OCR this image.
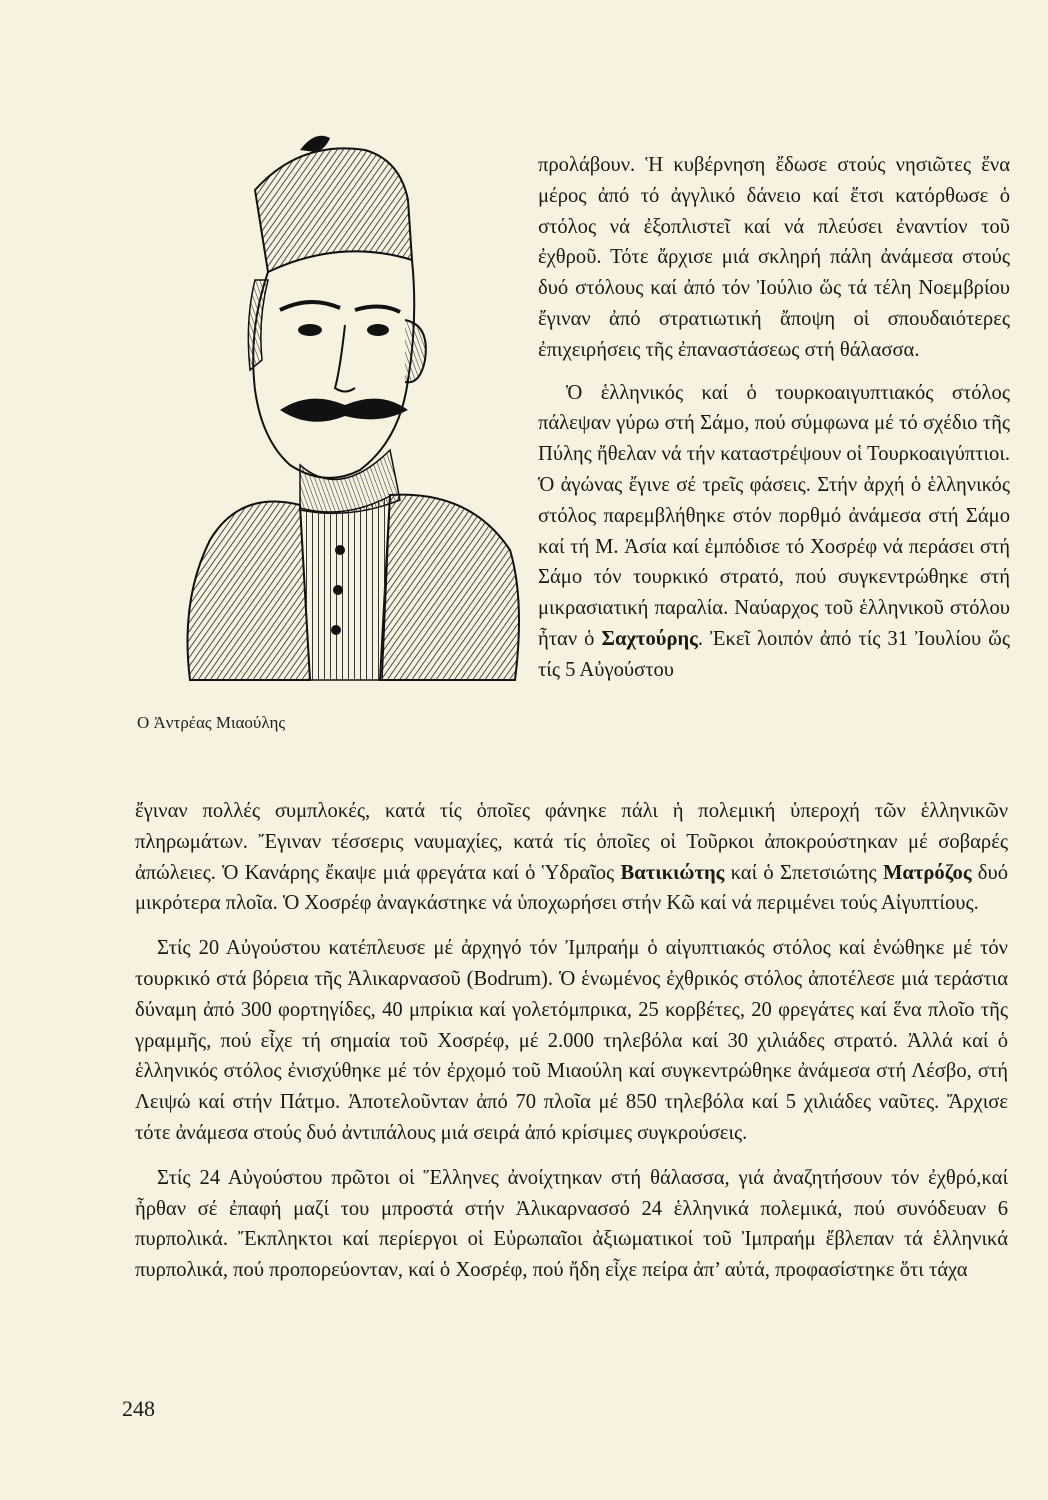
Ο Ἀντρέας Μιαούλης

προλάβουν. Ἡ κυβέρνηση ἔδωσε στούς νησιῶτες ἕνα μέρος ἀπό τό ἀγγλικό δάνειο καί ἔτσι κατόρθωσε ὁ στόλος νά ἐξοπλιστεῖ καί νά πλεύσει ἐναντίον τοῦ ἐχθροῦ. Τότε ἄρχισε μιά σκληρή πάλη ἀνάμεσα στούς δυό στόλους καί ἀπό τόν Ἰούλιο ὥς τά τέλη Νοεμβρίου ἔγιναν ἀπό στρατιωτική ἄποψη οἱ σπουδαιότερες ἐπιχειρήσεις τῆς ἐπαναστάσεως στή θάλασσα.

Ὁ ἑλληνικός καί ὁ τουρκοαιγυπτιακός στόλος πάλεψαν γύρω στή Σάμο, πού σύμφωνα μέ τό σχέδιο τῆς Πύλης ἤθελαν νά τήν καταστρέψουν οἱ Τουρκοαιγύπτιοι. Ὁ ἀγώνας ἔγινε σέ τρεῖς φάσεις. Στήν ἀρχή ὁ ἑλληνικός στόλος παρεμβλήθηκε στόν πορθμό ἀνάμεσα στή Σάμο καί τή Μ. Ἀσία καί ἐμπόδισε τό Χοσρέφ νά περάσει στή Σάμο τόν τουρκικό στρατό, πού συγκεντρώθηκε στή μικρασιατική παραλία. Ναύαρχος τοῦ ἑλληνικοῦ στόλου ἦταν ὁ Σαχτούρης. Ἐκεῖ λοιπόν ἀπό τίς 31 Ἰουλίου ὥς τίς 5 Αὐγούστου

ἔγιναν πολλές συμπλοκές, κατά τίς ὁποῖες φάνηκε πάλι ἡ πολεμική ὑπεροχή τῶν ἑλληνικῶν πληρωμάτων. Ἔγιναν τέσσερις ναυμαχίες, κατά τίς ὁποῖες οἱ Τοῦρκοι ἀποκρούστηκαν μέ σοβαρές ἀπώλειες. Ὁ Κανάρης ἔκαψε μιά φρεγάτα καί ὁ Ὑδραῖος Βατικιώτης καί ὁ Σπετσιώτης Ματρόζος δυό μικρότερα πλοῖα. Ὁ Χοσρέφ ἀναγκάστηκε νά ὑποχωρήσει στήν Κῶ καί νά περιμένει τούς Αἰγυπτίους.

Στίς 20 Αὐγούστου κατέπλευσε μέ ἀρχηγό τόν Ἰμπραήμ ὁ αἰγυπτιακός στόλος καί ἑνώθηκε μέ τόν τουρκικό στά βόρεια τῆς Ἁλικαρνασοῦ (Bodrum). Ὁ ἑνωμένος ἐχθρικός στόλος ἀποτέλεσε μιά τεράστια δύναμη ἀπό 300 φορτηγίδες, 40 μπρίκια καί γολετόμπρικα, 25 κορβέτες, 20 φρεγάτες καί ἕνα πλοῖο τῆς γραμμῆς, πού εἶχε τή σημαία τοῦ Χοσρέφ, μέ 2.000 τηλεβόλα καί 30 χιλιάδες στρατό. Ἀλλά καί ὁ ἑλληνικός στόλος ἐνισχύθηκε μέ τόν ἐρχομό τοῦ Μιαούλη καί συγκεντρώθηκε ἀνάμεσα στή Λέσβο, στή Λειψώ καί στήν Πάτμο. Ἀποτελοῦνταν ἀπό 70 πλοῖα μέ 850 τηλεβόλα καί 5 χιλιάδες ναῦτες. Ἄρχισε τότε ἀνάμεσα στούς δυό ἀντιπάλους μιά σειρά ἀπό κρίσιμες συγκρούσεις.

Στίς 24 Αὐγούστου πρῶτοι οἱ Ἕλληνες ἀνοίχτηκαν στή θάλασσα, γιά ἀναζητήσουν τόν ἐχθρό,καί ἦρθαν σέ ἐπαφή μαζί του μπροστά στήν Ἀλικαρνασσό 24 ἑλληνικά πολεμικά, πού συνόδευαν 6 πυρπολικά. Ἔκπληκτοι καί περίεργοι οἱ Εὐρωπαῖοι ἀξιωματικοί τοῦ Ἰμπραήμ ἔβλεπαν τά ἑλληνικά πυρπολικά, πού προπορεύονταν, καί ὁ Χοσρέφ, πού ἤδη εἶχε πείρα ἀπ’ αὐτά, προφασίστηκε ὅτι τάχα

248
